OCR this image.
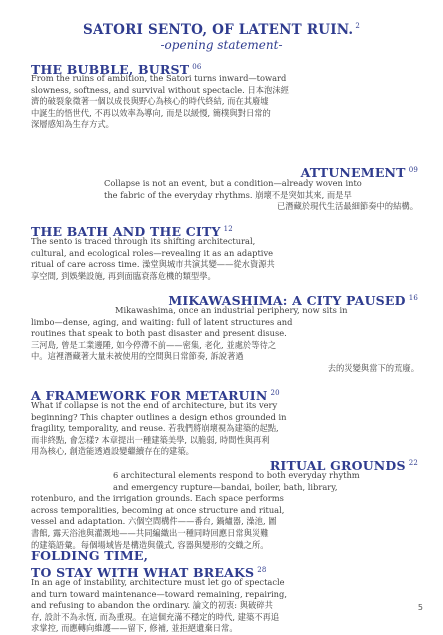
SATORI SENTO, OF LATENT RUIN. $^2$
-opening statement-
THE BUBBLE, BURST $^{06}$
From the ruins of ambition, the Satori turns inward—toward
slowness, softness, and survival without spectacle. 日本泡沫經
濟的破裂象徵著一個以成長與野心為核心的時代終結, 而在其廢墟
中誕生的悟世代, 不再以效率為導向, 而是以緩慢, 簡樸與對日常的
深層感知為生存方式。
ATTUNEMENT $^{09}$
Collapse is not an event, but a condition—already woven into
the fabric of the everyday rhythms. 崩壞不是突如其來, 而是早
已潛藏於現代生活最細節奏中的結構。
THE BATH AND THE CITY $^{12}$
The sento is traced through its shifting architectural,
cultural, and ecological roles—revealing it as an adaptive
ritual of care across time. 澡堂與城市共演其變——從水資源共
享空間, 到娛樂設施, 再到面臨衰落危機的類型學。
MIKAWASHIMA: A CITY PAUSED $^{16}$
Mikawashima, once an industrial periphery, now sits in
limbo—dense, aging, and waiting: full of latent structures and
routines that speak to both past disaster and present disuse.
三河島, 曾是工業邊陲, 如今停滯不前——密集, 老化, 並處於等待之
中。這裡潛藏著大量未被使用的空間與日常節奏, 訴說著過
去的災變與當下的荒廢。
A FRAMEWORK FOR METARUIN $^{20}$
What if collapse is not the end of architecture, but its very
beginning? This chapter outlines a design ethos grounded in
fragility, temporality, and reuse. 若我們將崩壞視為建築的起點,
而非終點, 會怎樣? 本章提出一種建築美學, 以脆弱, 時間性與再利
用為核心, 創造能透過設變繼續存在的建築。
RITUAL GROUNDS $^{22}$
6 architectural elements respond to both everyday rhythm
and emergency rupture—bandai, boiler, bath, library,
rotenburo, and the irrigation grounds. Each space performs
across temporalities, becoming at once structure and ritual,
vessel and adaptation. 六個空間構件——番台, 鍋爐器, 澡池, 圖
書館, 露天浴池與灌溉地——共同編織出一種同時回應日常與災難
的建築語彙。每個場域皆是構造與儀式, 容器與變形的交織之所。
FOLDING TIME,
TO STAY WITH WHAT BREAKS $^{28}$
In an age of instability, architecture must let go of spectacle
and turn toward maintenance—toward remaining, repairing,
and refusing to abandon the ordinary. 論文的初衷: 與破碎共
存, 設計不為永恆, 而為重現。在這個充滿不穩定的時代, 建築不再追
求掌控, 而應轉向維護——留下, 修補, 並拒絕遺棄日常。
5
